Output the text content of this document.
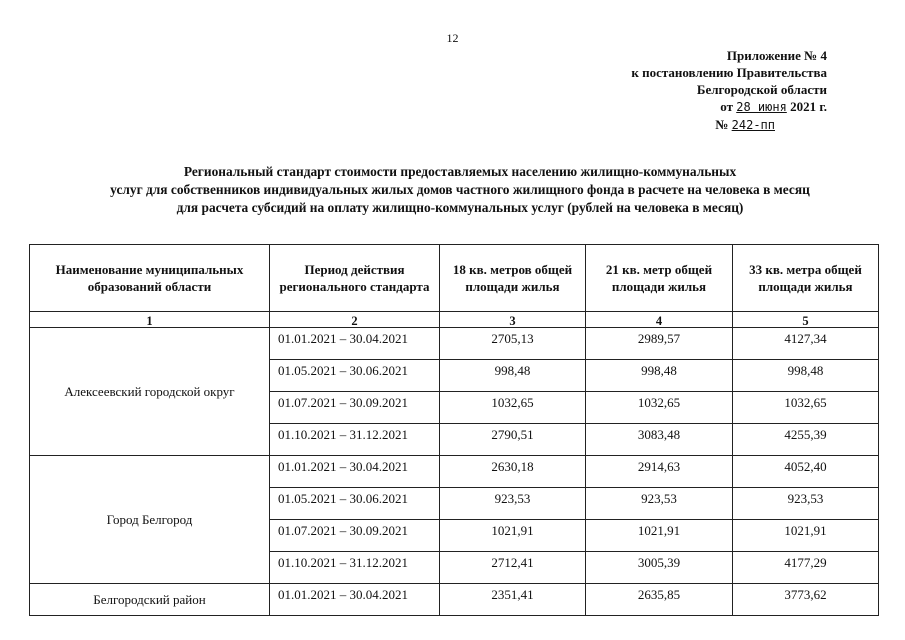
12
Приложение № 4
к постановлению Правительства
Белгородской области
от 28 июня 2021 г.
№ 242-пп
Региональный стандарт стоимости предоставляемых населению жилищно-коммунальных
услуг для собственников индивидуальных жилых домов частного жилищного фонда в расчете на человека в месяц
для расчета субсидий на оплату жилищно-коммунальных услуг (рублей на человека в месяц)
Наименование муниципальных образований области	Период действия регионального стандарта	18 кв. метров общей площади жилья	21 кв. метр общей площади жилья	33 кв. метра общей площади жилья
1	2	3	4	5
Алексеевский городской округ	01.01.2021 – 30.04.2021	2705,13	2989,57	4127,34
	01.05.2021 – 30.06.2021	998,48	998,48	998,48
	01.07.2021 – 30.09.2021	1032,65	1032,65	1032,65
	01.10.2021 – 31.12.2021	2790,51	3083,48	4255,39
Город Белгород	01.01.2021 – 30.04.2021	2630,18	2914,63	4052,40
	01.05.2021 – 30.06.2021	923,53	923,53	923,53
	01.07.2021 – 30.09.2021	1021,91	1021,91	1021,91
	01.10.2021 – 31.12.2021	2712,41	3005,39	4177,29
Белгородский район	01.01.2021 – 30.04.2021	2351,41	2635,85	3773,62
